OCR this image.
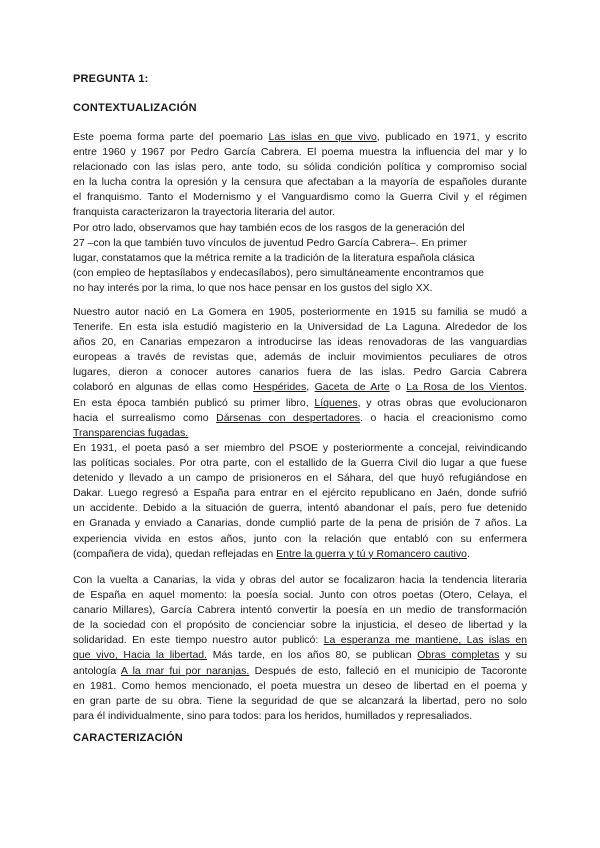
PREGUNTA 1:
CONTEXTUALIZACIÓN
Este poema forma parte del poemario Las islas en que vivo, publicado en 1971, y escrito
entre 1960 y 1967 por Pedro García Cabrera. El poema muestra la influencia del mar y lo
relacionado con las islas pero, ante todo, su sólida condición política y compromiso social
en la lucha contra la opresión y la censura que afectaban a la mayoría de españoles durante
el franquismo. Tanto el Modernismo y el Vanguardismo como la Guerra Civil y el régimen
franquista caracterizaron la trayectoria literaria del autor.
Por otro lado, observamos que hay también ecos de los rasgos de la generación del
27 –con la que también tuvo vínculos de juventud Pedro García Cabrera–. En primer
lugar, constatamos que la métrica remite a la tradición de la literatura española clásica
(con empleo de heptasílabos y endecasílabos), pero simultáneamente encontramos que
no hay interés por la rima, lo que nos hace pensar en los gustos del siglo XX.
Nuestro autor nació en La Gomera en 1905, posteriormente en 1915 su familia se mudó a
Tenerife. En esta isla estudió magisterio en la Universidad de La Laguna. Alrededor de los
años 20, en Canarias empezaron a introducirse las ideas renovadoras de las vanguardias
europeas a través de revistas que, además de incluir movimientos peculiares de otros
lugares, dieron a conocer autores canarios fuera de las islas. Pedro Garcia Cabrera
colaboró en algunas de ellas como Hespérides, Gaceta de Arte o La Rosa de los Vientos.
En esta época también publicó su primer libro, Líquenes, y otras obras que evolucionaron
hacia el surrealismo como Dársenas con despertadores. o hacia el creacionismo como
Transparencias fugadas.
En 1931, el poeta pasó a ser miembro del PSOE y posteriormente a concejal, reivindicando
las políticas sociales. Por otra parte, con el estallido de la Guerra Civil dio lugar a que fuese
detenido y llevado a un campo de prisioneros en el Sáhara, del que huyó refugiándose en
Dakar. Luego regresó a España para entrar en el ejército republicano en Jaén, donde sufrió
un accidente. Debido a la situación de guerra, intentó abandonar el país, pero fue detenido
en Granada y enviado a Canarias, donde cumplió parte de la pena de prisión de 7 años. La
experiencia vivida en estos años, junto con la relación que entabló con su enfermera
(compañera de vida), quedan reflejadas en Entre la guerra y tú y Romancero cautivo.
Con la vuelta a Canarias, la vida y obras del autor se focalizaron hacia la tendencia literaria
de España en aquel momento: la poesía social. Junto con otros poetas (Otero, Celaya, el
canario Millares), García Cabrera intentó convertir la poesía en un medio de transformación
de la sociedad con el propósito de concienciar sobre la injusticia, el deseo de libertad y la
solidaridad. En este tiempo nuestro autor publicó: La esperanza me mantiene, Las islas en
que vivo, Hacia la libertad. Más tarde, en los años 80, se publican Obras completas y su
antología A la mar fui por naranjas. Después de esto, falleció en el municipio de Tacoronte
en 1981. Como hemos mencionado, el poeta muestra un deseo de libertad en el poema y
en gran parte de su obra. Tiene la seguridad de que se alcanzará la libertad, pero no solo
para él individualmente, sino para todos: para los heridos, humillados y represaliados.
CARACTERIZACIÓN
